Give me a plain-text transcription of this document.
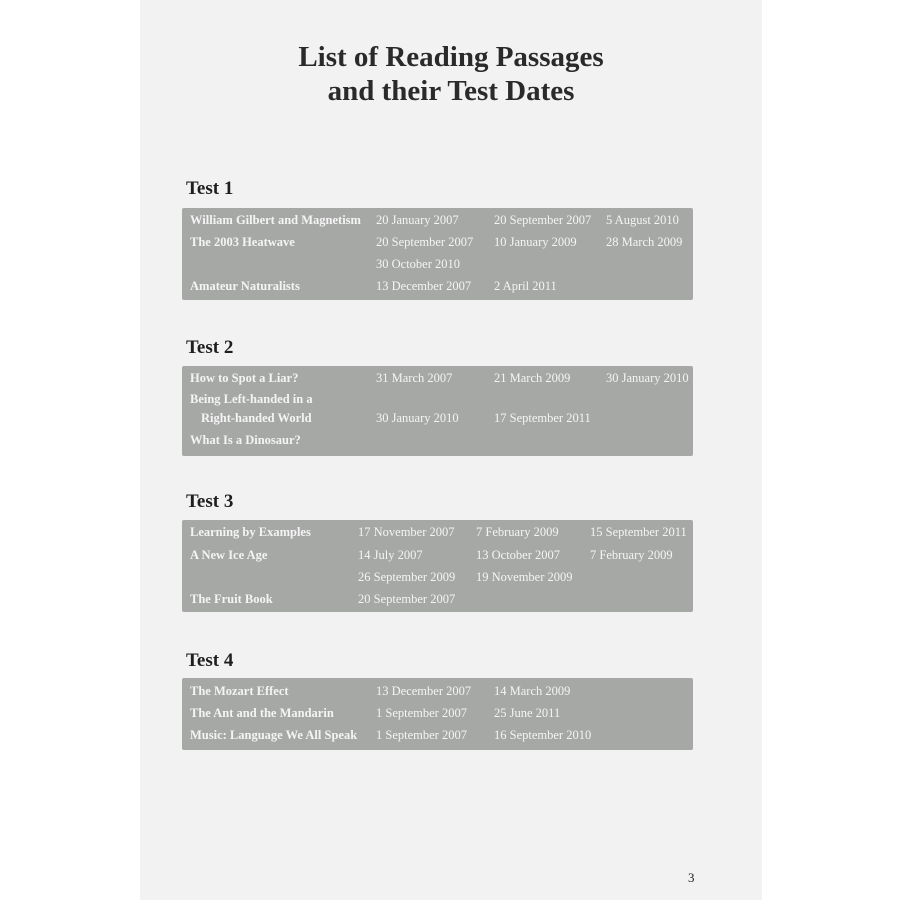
List of Reading Passages
and their Test Dates
Test 1
William Gilbert and Magnetism 20 January 2007	20 September 2007 5 August 2010
The 2003 Heatwave	20 September 2007 10 January 2009 28 March 2009
30 October 2010
Amateur Naturalists	13 December 2007 2 April 2011
Test 2
How to Spot a Liar?	31 March 2007	21 March 2009	30 January 2010
Being Left-handed in a
Right-handed World	30 January 2010	17 September 2011
What Is a Dinosaur?
Test 3
Learning by Examples	17 November 2007 7 February 2009	15 September 2011
A New Ice Age	14 July 2007	13 October 2007 7 February 2009
26 September 2009 19 November 2009
The Fruit Book	20 September 2007
Test 4
The Mozart Effect	13 December 2007 14 March 2009
The Ant and the Mandarin	1 September 2007 25 June 2011
Music: Language We All Speak 1 September 2007 16 September 2010
3
